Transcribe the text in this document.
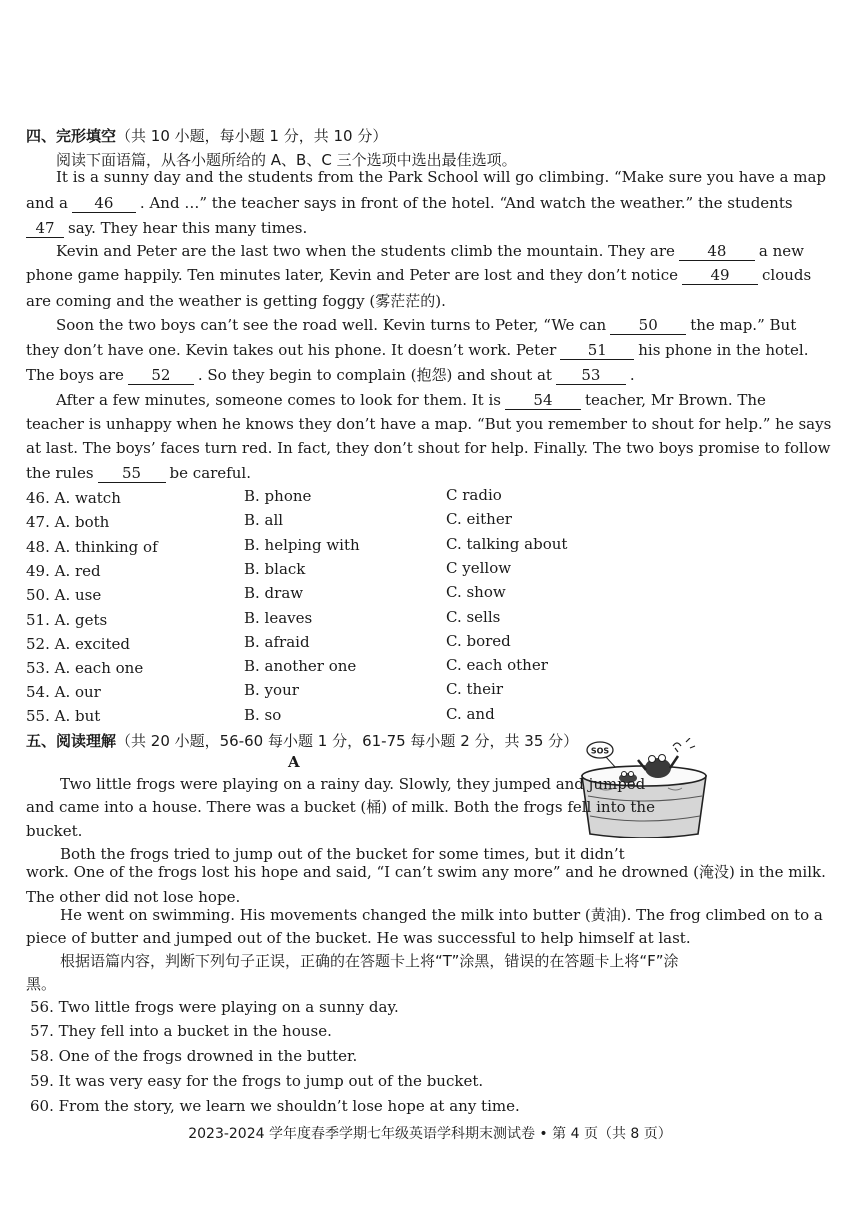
四、完形填空（共 10 小题，每小题 1 分，共 10 分）
阅读下面语篇，从各小题所给的 A、B、C 三个选项中选出最佳选项。
It is a sunny day and the students from the Park School will go climbing. “Make sure you have a map
and a 46 . And …” the teacher says in front of the hotel. “And watch the weather.” the students
47 say. They hear this many times.
Kevin and Peter are the last two when the students climb the mountain. They are 48 a new
phone game happily. Ten minutes later, Kevin and Peter are lost and they don’t notice 49 clouds
are coming and the weather is getting foggy (雾茫茫的).
Soon the two boys can’t see the road well. Kevin turns to Peter, “We can 50 the map.” But
they don’t have one. Kevin takes out his phone. It doesn’t work. Peter 51 his phone in the hotel.
The boys are 52 . So they begin to complain (抱怨) and shout at 53 .
After a few minutes, someone comes to look for them. It is 54 teacher, Mr Brown. The
teacher is unhappy when he knows they don’t have a map. “But you remember to shout for help.” he says
at last. The boys’ faces turn red. In fact, they don’t shout for help. Finally. The two boys promise to follow
the rules 55 be careful.
46. A. watch	B. phone	C radio
47. A. both	B. all	C. either
48. A. thinking of	B. helping with	C. talking about
49. A. red	B. black	C yellow
50. A. use	B. draw	C. show
51. A. gets	B. leaves	C. sells
52. A. excited	B. afraid	C. bored
53. A. each one	B. another one	C. each other
54. A. our	B. your	C. their
55. A. but	B. so	C. and
五、阅读理解（共 20 小题，56-60 每小题 1 分，61-75 每小题 2 分，共 35 分）
A
SOS
Two little frogs were playing on a rainy day. Slowly, they jumped and jumped
and came into a house. There was a bucket (桶) of milk. Both the frogs fell into the
bucket.
Both the frogs tried to jump out of the bucket for some times, but it didn’t
work. One of the frogs lost his hope and said, “I can’t swim any more” and he drowned (淹没) in the milk.
The other did not lose hope.
He went on swimming. His movements changed the milk into butter (黄油). The frog climbed on to a
piece of butter and jumped out of the bucket. He was successful to help himself at last.
根据语篇内容，判断下列句子正误，正确的在答题卡上将“T”涂黑，错误的在答题卡上将“F”涂
黑。
56. Two little frogs were playing on a sunny day.
57. They fell into a bucket in the house.
58. One of the frogs drowned in the butter.
59. It was very easy for the frogs to jump out of the bucket.
60. From the story, we learn we shouldn’t lose hope at any time.
2023-2024 学年度春季学期七年级英语学科期末测试卷 • 第 4 页（共 8 页）
